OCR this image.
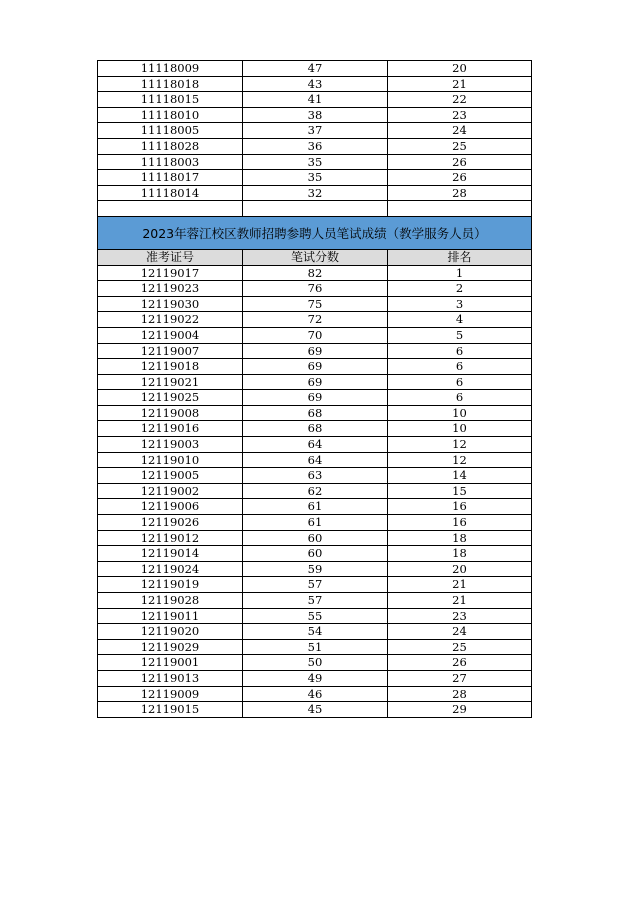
11118009	47	20
11118018	43	21
11118015	41	22
11118010	38	23
11118005	37	24
11118028	36	25
11118003	35	26
11118017	35	26
11118014	32	28
2023年蓉江校区教师招聘参聘人员笔试成绩（教学服务人员）
准考证号	笔试分数	排名
12119017	82	1
12119023	76	2
12119030	75	3
12119022	72	4
12119004	70	5
12119007	69	6
12119018	69	6
12119021	69	6
12119025	69	6
12119008	68	10
12119016	68	10
12119003	64	12
12119010	64	12
12119005	63	14
12119002	62	15
12119006	61	16
12119026	61	16
12119012	60	18
12119014	60	18
12119024	59	20
12119019	57	21
12119028	57	21
12119011	55	23
12119020	54	24
12119029	51	25
12119001	50	26
12119013	49	27
12119009	46	28
12119015	45	29
